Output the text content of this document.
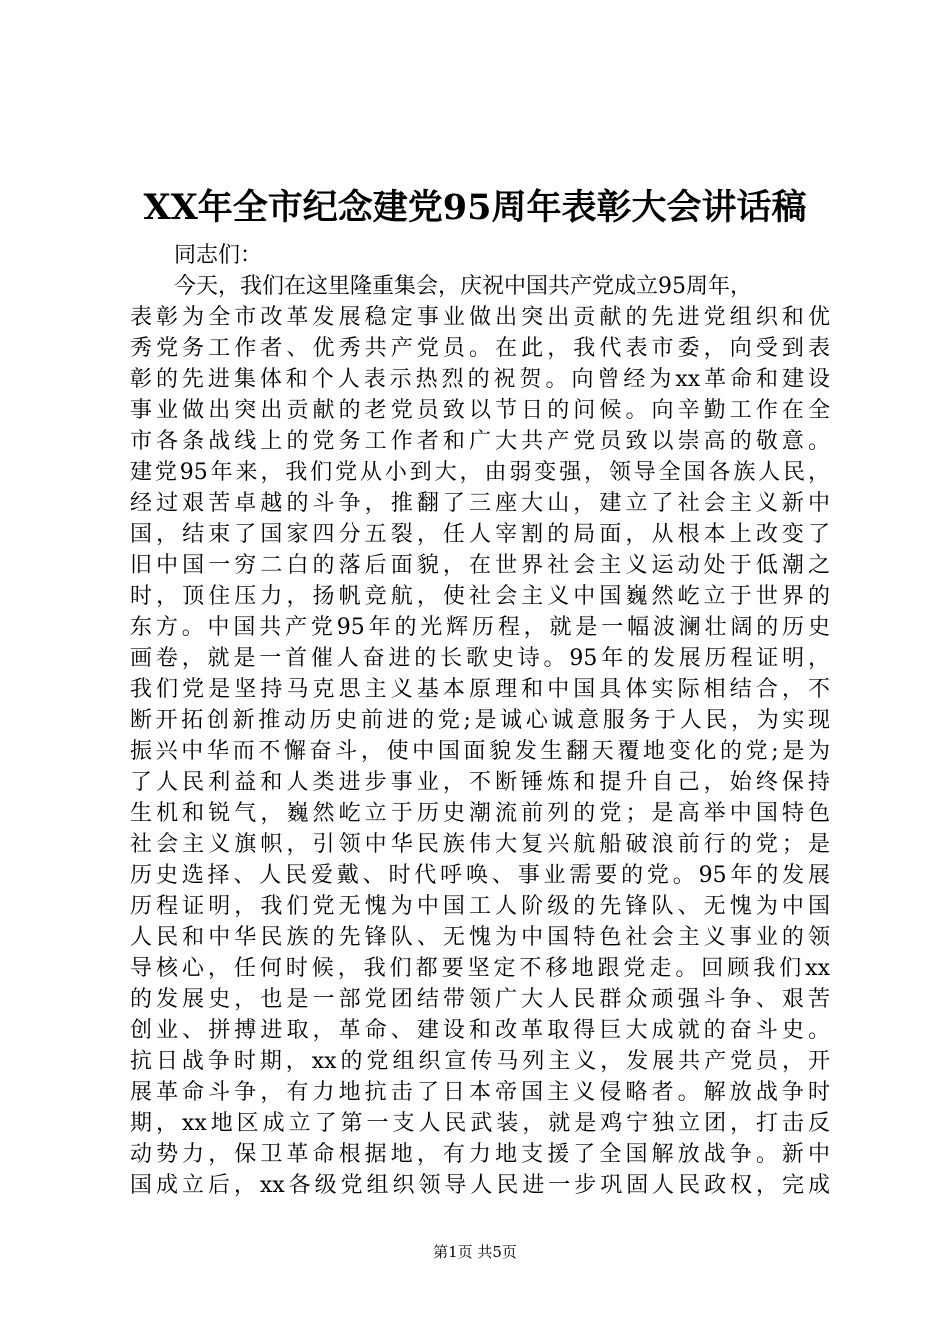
XX年全市纪念建党95周年表彰大会讲话稿
同志们：
今天，我们在这里隆重集会，庆祝中国共产党成立95周年，
表彰为全市改革发展稳定事业做出突出贡献的先进党组织和优
秀党务工作者、优秀共产党员。在此，我代表市委，向受到表
彰的先进集体和个人表示热烈的祝贺。向曾经为xx革命和建设
事业做出突出贡献的老党员致以节日的问候。向辛勤工作在全
市各条战线上的党务工作者和广大共产党员致以崇高的敬意。
建党95年来，我们党从小到大，由弱变强，领导全国各族人民，
经过艰苦卓越的斗争，推翻了三座大山，建立了社会主义新中
国，结束了国家四分五裂，任人宰割的局面，从根本上改变了
旧中国一穷二白的落后面貌，在世界社会主义运动处于低潮之
时，顶住压力，扬帆竞航，使社会主义中国巍然屹立于世界的
东方。中国共产党95年的光辉历程，就是一幅波澜壮阔的历史
画卷，就是一首催人奋进的长歌史诗。95年的发展历程证明，
我们党是坚持马克思主义基本原理和中国具体实际相结合，不
断开拓创新推动历史前进的党;是诚心诚意服务于人民，为实现
振兴中华而不懈奋斗，使中国面貌发生翻天覆地变化的党;是为
了人民利益和人类进步事业，不断锤炼和提升自己，始终保持
生机和锐气，巍然屹立于历史潮流前列的党；是高举中国特色
社会主义旗帜，引领中华民族伟大复兴航船破浪前行的党；是
历史选择、人民爱戴、时代呼唤、事业需要的党。95年的发展
历程证明，我们党无愧为中国工人阶级的先锋队、无愧为中国
人民和中华民族的先锋队、无愧为中国特色社会主义事业的领
导核心，任何时候，我们都要坚定不移地跟党走。回顾我们xx
的发展史，也是一部党团结带领广大人民群众顽强斗争、艰苦
创业、拼搏进取，革命、建设和改革取得巨大成就的奋斗史。
抗日战争时期，xx的党组织宣传马列主义，发展共产党员，开
展革命斗争，有力地抗击了日本帝国主义侵略者。解放战争时
期，xx地区成立了第一支人民武装，就是鸡宁独立团，打击反
动势力，保卫革命根据地，有力地支援了全国解放战争。新中
国成立后，xx各级党组织领导人民进一步巩固人民政权，完成
第1页 共5页
